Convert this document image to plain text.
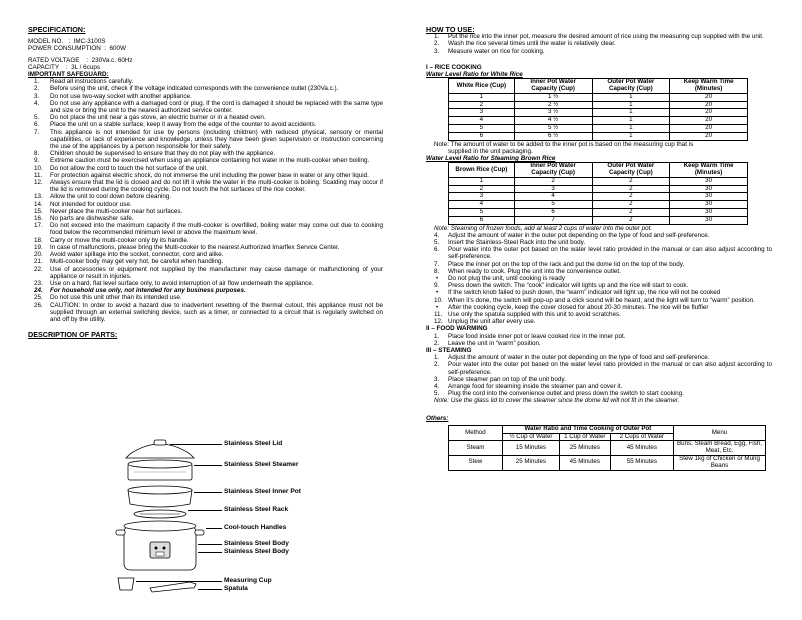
SPECIFICATION:
MODEL NO.   :  IMC-3100S
POWER CONSUMPTION  :  600W
RATED VOLTAGE    :  230Va.c. 60Hz
CAPACITY    :  3L / 6cups
IMPORTANT SAFEGUARD:
1. Read all instructions carefully.
2. Before using the unit, check if the voltage indicated corresponds with the convenience outlet (230Va.c.).
3. Do not use two-way socket with another appliance.
4. Do not use any appliance with a damaged cord or plug. If the cord is damaged it should be replaced with the same type and size or bring the unit to the nearest authorized service center.
5. Do not place the unit near a gas stove, an electric burner or in a heated oven.
6. Place the unit on a stable surface; keep it away from the edge of the counter to avoid accidents.
7. This appliance is not intended for use by persons (including children) with reduced physical, sensory or mental capabilities, or lack of experience and knowledge, unless they have been given supervision or instruction concerning the use of the appliances by a person responsible for their safety.
8. Children should be supervised to ensure that they do not play with the appliance.
9. Extreme caution must be exercised when using an appliance containing hot water in the multi-cooker when boiling.
10. Do not allow the cord to touch the hot surface of the unit.
11. For protection against electric shock, do not immerse the unit including the power base in water or any other liquid.
12. Always ensure that the lid is closed and do not lift it while the water in the multi-cooker is boiling. Scalding may occur if the lid is removed during the cooking cycle. Do not touch the hot surfaces of the rice cooker.
13. Allow the unit to cool down before cleaning.
14. Not intended for outdoor use.
15. Never place the multi-cooker near hot surfaces.
16. No parts are dishwasher safe.
17. Do not exceed into the maximum capacity if the multi-cooker is overfilled, boiling water may come out due to cooking food below the recommended minimum level or above the maximum level.
18. Carry or move the multi-cooker only by its handle.
19. In case of malfunctions, please bring the Multi-cooker to the nearest Authorized Imarflex Service Center.
20. Avoid water spillage into the socket, connector, cord and alike.
21. Multi-cooker body may get very hot, be careful when handling.
22. Use of accessories or equipment not supplied by the manufacturer may cause damage or malfunctioning of your appliance or result in injuries.
23. Use on a hard, flat level surface only, to avoid interruption of air flow underneath the appliance.
24. For household use only, not intended for any business purposes.
25. Do not use this unit other than its intended use.
26. CAUTION: In order to avoid a hazard due to inadvertent resetting of the thermal cutout, this appliance must not be supplied through an external switching device, such as a timer, or connected to a circuit that is regularly switched on and off by the utility.
DESCRIPTION OF PARTS:
Stainless Steel Lid
Stainless Steel Steamer
Stainless Steel Inner Pot
Stainless Steel Rack
Cool-touch Handles
Stainless Steel Body
Stainless Steel Body
Measuring Cup
Spatula
HOW TO USE:
1. Put the rice into the inner pot, measure the desired amount of rice using the measuring cup supplied with the unit.
2. Wash the rice several times until the water is relatively clear.
3. Measure water on rice for cooking.
I – RICE COOKING
Water Level Ratio for White Rice
White Rice (Cup)	Inner Pot Water Capacity (Cup)	Outer Pot Water Capacity (Cup)	Keep Warm Time (Minutes)
1	1 ½	1	20
2	2 ½	1	20
3	3 ½	1	20
4	4 ½	1	20
5	5 ½	1	20
6	6 ½	1	20
Note: The amount of water to be added to the inner pot is based on the measuring cup that is
supplied in the unit packaging.
Water Level Ratio for Steaming Brown Rice
Brown Rice (Cup)	Inner Pot Water Capacity (Cup)	Outer Pot Water Capacity (Cup)	Keep Warm Time (Minutes)
1	2	2	30
2	3	2	30
3	4	2	30
4	5	2	30
5	6	2	30
6	7	2	30
Note: Steaming of frozen foods, add at least 2 cups of water into the outer pot.
4. Adjust the amount of water in the outer pot depending on the type of food and self-preference.
5. Insert the Stainless-Steel Rack into the unit body.
6. Pour water into the outer pot based on the water level ratio provided in the manual or can also adjust according to self-preference.
7. Place the inner pot on the top of the rack and put the dome lid on the top of the body.
8. When ready to cook. Plug the unit into the convenience outlet.
• Do not plug the unit, until cooking is ready
9. Press down the switch. The “cook” indicator will lights up and the rice will start to cook.
• If the switch knob failed to push down, the “warm” indicator will light up, the rice will not be cooked
10. When it’s done, the switch will pop-up and a click sound will be heard, and the light will turn to “warm” position.
• After the cooking cycle, keep the cover closed for about 20-30 minutes. The rice will be fluffier
11. Use only the spatula supplied with this unit to avoid scratches.
12. Unplug the unit after every use.
II – FOOD WARMING
1. Place food inside inner pot or leave cooked rice in the inner pot.
2. Leave the unit in “warm” position.
III – STEAMING
1. Adjust the amount of water in the outer pot depending on the type of food and self-preference.
2. Pour water into the outer pot based on the water level ratio provided in the manual or can also adjust according to self-preference.
3. Place steamer pan on top of the unit body.
4. Arrange food for steaming inside the steamer pan and cover it.
5. Plug the cord into the convenience outlet and press down the switch to start cooking.
Note: Use the glass lid to cover the steamer since the dome lid will not fit in the steamer.
Others:
Method	Water Ratio and Time Cooking of Outer Pot			Menu
	½ Cup of Water	1 Cup of Water	2 Cups of Water	
Steam	15 Minutes	25 Minutes	45 Minutes	Buns, Steam Bread, Egg, Fish, Meat, Etc.
Stew	25 Minutes	45 Minutes	55 Minutes	Stew 1kg of Chicken or Mung Beans
